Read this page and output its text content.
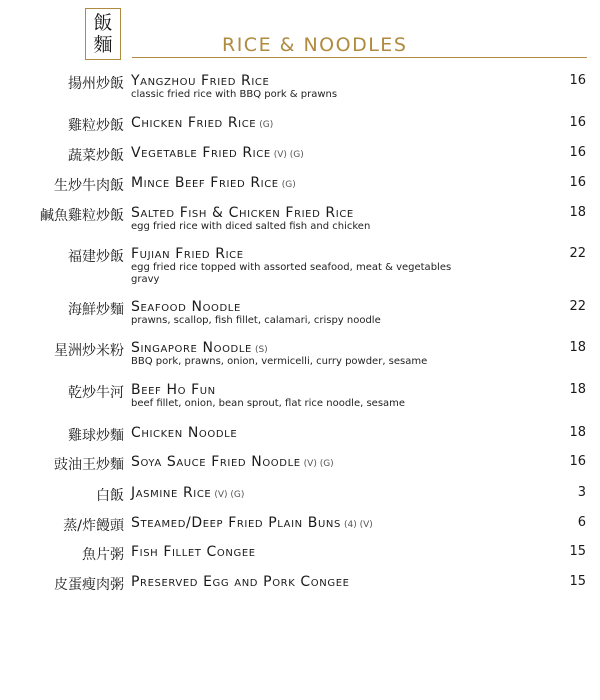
飯
麵	RICE & NOODLES
揚州炒飯 Yangzhou Fried Rice
classic fried rice with BBQ pork & prawns
16
雞粒炒飯 Chicken Fried Rice (G)	16
蔬菜炒飯 Vegetable Fried Rice (V) (G)	16
生炒牛肉飯 Mince Beef Fried Rice (G)	16
鹹魚雞粒炒飯 Salted Fish & Chicken Fried Rice
egg fried rice with diced salted fish and chicken
18
福建炒飯 Fujian Fried Rice
egg fried rice topped with assorted seafood, meat & vegetables gravy
22
海鮮炒麵 Seafood Noodle
prawns, scallop, fish fillet, calamari, crispy noodle
22
星洲炒米粉 Singapore Noodle (S)
BBQ pork, prawns, onion, vermicelli, curry powder, sesame
18
乾炒牛河 Beef Ho Fun
beef fillet, onion, bean sprout, flat rice noodle, sesame
18
雞球炒麵 Chicken Noodle	18
豉油王炒麵 Soya Sauce Fried Noodle (V) (G)	16
白飯 Jasmine Rice (V) (G)	3
蒸/炸饅頭 Steamed/Deep Fried Plain Buns (4) (V)	6
魚片粥 Fish Fillet Congee	15
皮蛋瘦肉粥 Preserved Egg and Pork Congee	15
